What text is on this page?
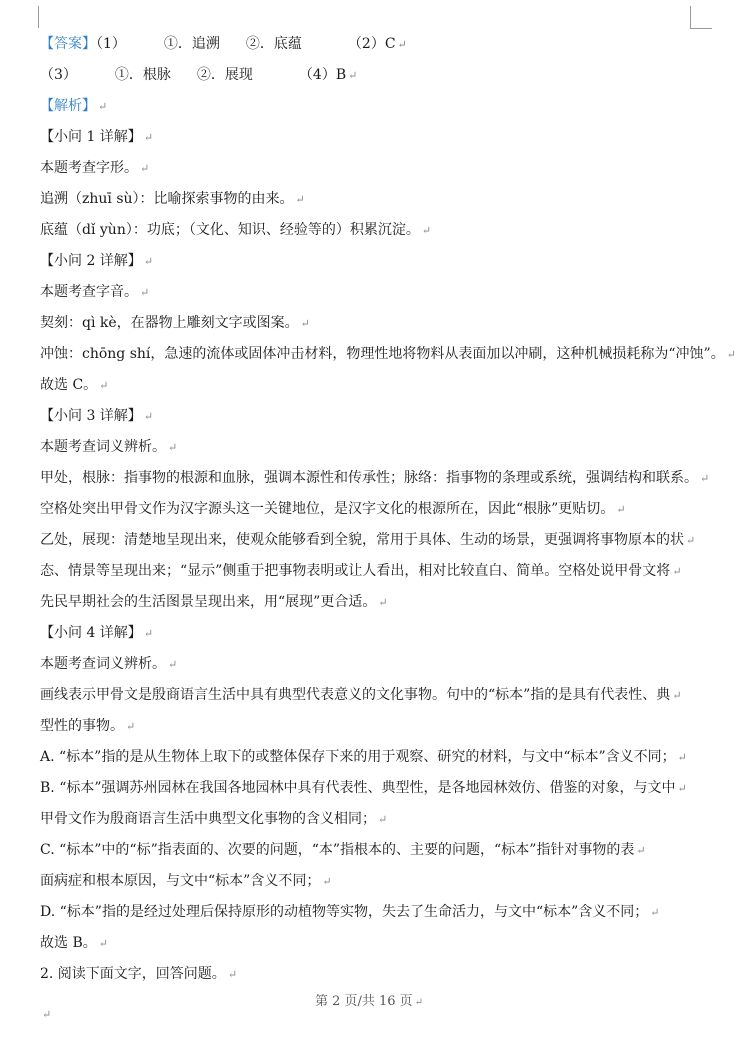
【答案】（1）	①．追溯 ②．底蕴	（2）C ↵
（3）	①．根脉 ②．展现	（4）B ↵
【解析】 ↵
【小问 1 详解】 ↵
本题考查字形。 ↵
追溯（zhuī sù）：比喻探索事物的由来。 ↵
底蕴（dǐ yùn）：功底；（文化、知识、经验等的）积累沉淀。 ↵
【小问 2 详解】 ↵
本题考查字音。 ↵
契刻：qì kè，在器物上雕刻文字或图案。 ↵
冲蚀：chōng shí，急速的流体或固体冲击材料，物理性地将物料从表面加以冲刷，这种机械损耗称为“冲蚀”。 ↵
故选 C。 ↵
【小问 3 详解】 ↵
本题考查词义辨析。 ↵
甲处，根脉：指事物的根源和血脉，强调本源性和传承性；脉络：指事物的条理或系统，强调结构和联系。 ↵
空格处突出甲骨文作为汉字源头这一关键地位，是汉字文化的根源所在，因此“根脉”更贴切。 ↵
乙处，展现：清楚地呈现出来，使观众能够看到全貌，常用于具体、生动的场景，更强调将事物原本的状 ↵
态、情景等呈现出来；“显示”侧重于把事物表明或让人看出，相对比较直白、简单。空格处说甲骨文将 ↵
先民早期社会的生活图景呈现出来，用“展现”更合适。 ↵
【小问 4 详解】 ↵
本题考查词义辨析。 ↵
画线表示甲骨文是殷商语言生活中具有典型代表意义的文化事物。句中的“标本”指的是具有代表性、典 ↵
型性的事物。 ↵
A. “标本”指的是从生物体上取下的或整体保存下来的用于观察、研究的材料，与文中“标本”含义不同； ↵
B. “标本”强调苏州园林在我国各地园林中具有代表性、典型性，是各地园林效仿、借鉴的对象，与文中 ↵
甲骨文作为殷商语言生活中典型文化事物的含义相同； ↵
C. “标本”中的“标”指表面的、次要的问题，“本”指根本的、主要的问题，“标本”指针对事物的表 ↵
面病症和根本原因，与文中“标本”含义不同； ↵
D. “标本”指的是经过处理后保持原形的动植物等实物，失去了生命活力，与文中“标本”含义不同； ↵
故选 B。 ↵
2. 阅读下面文字，回答问题。 ↵
第 2 页/共 16 页 ↵
↵
